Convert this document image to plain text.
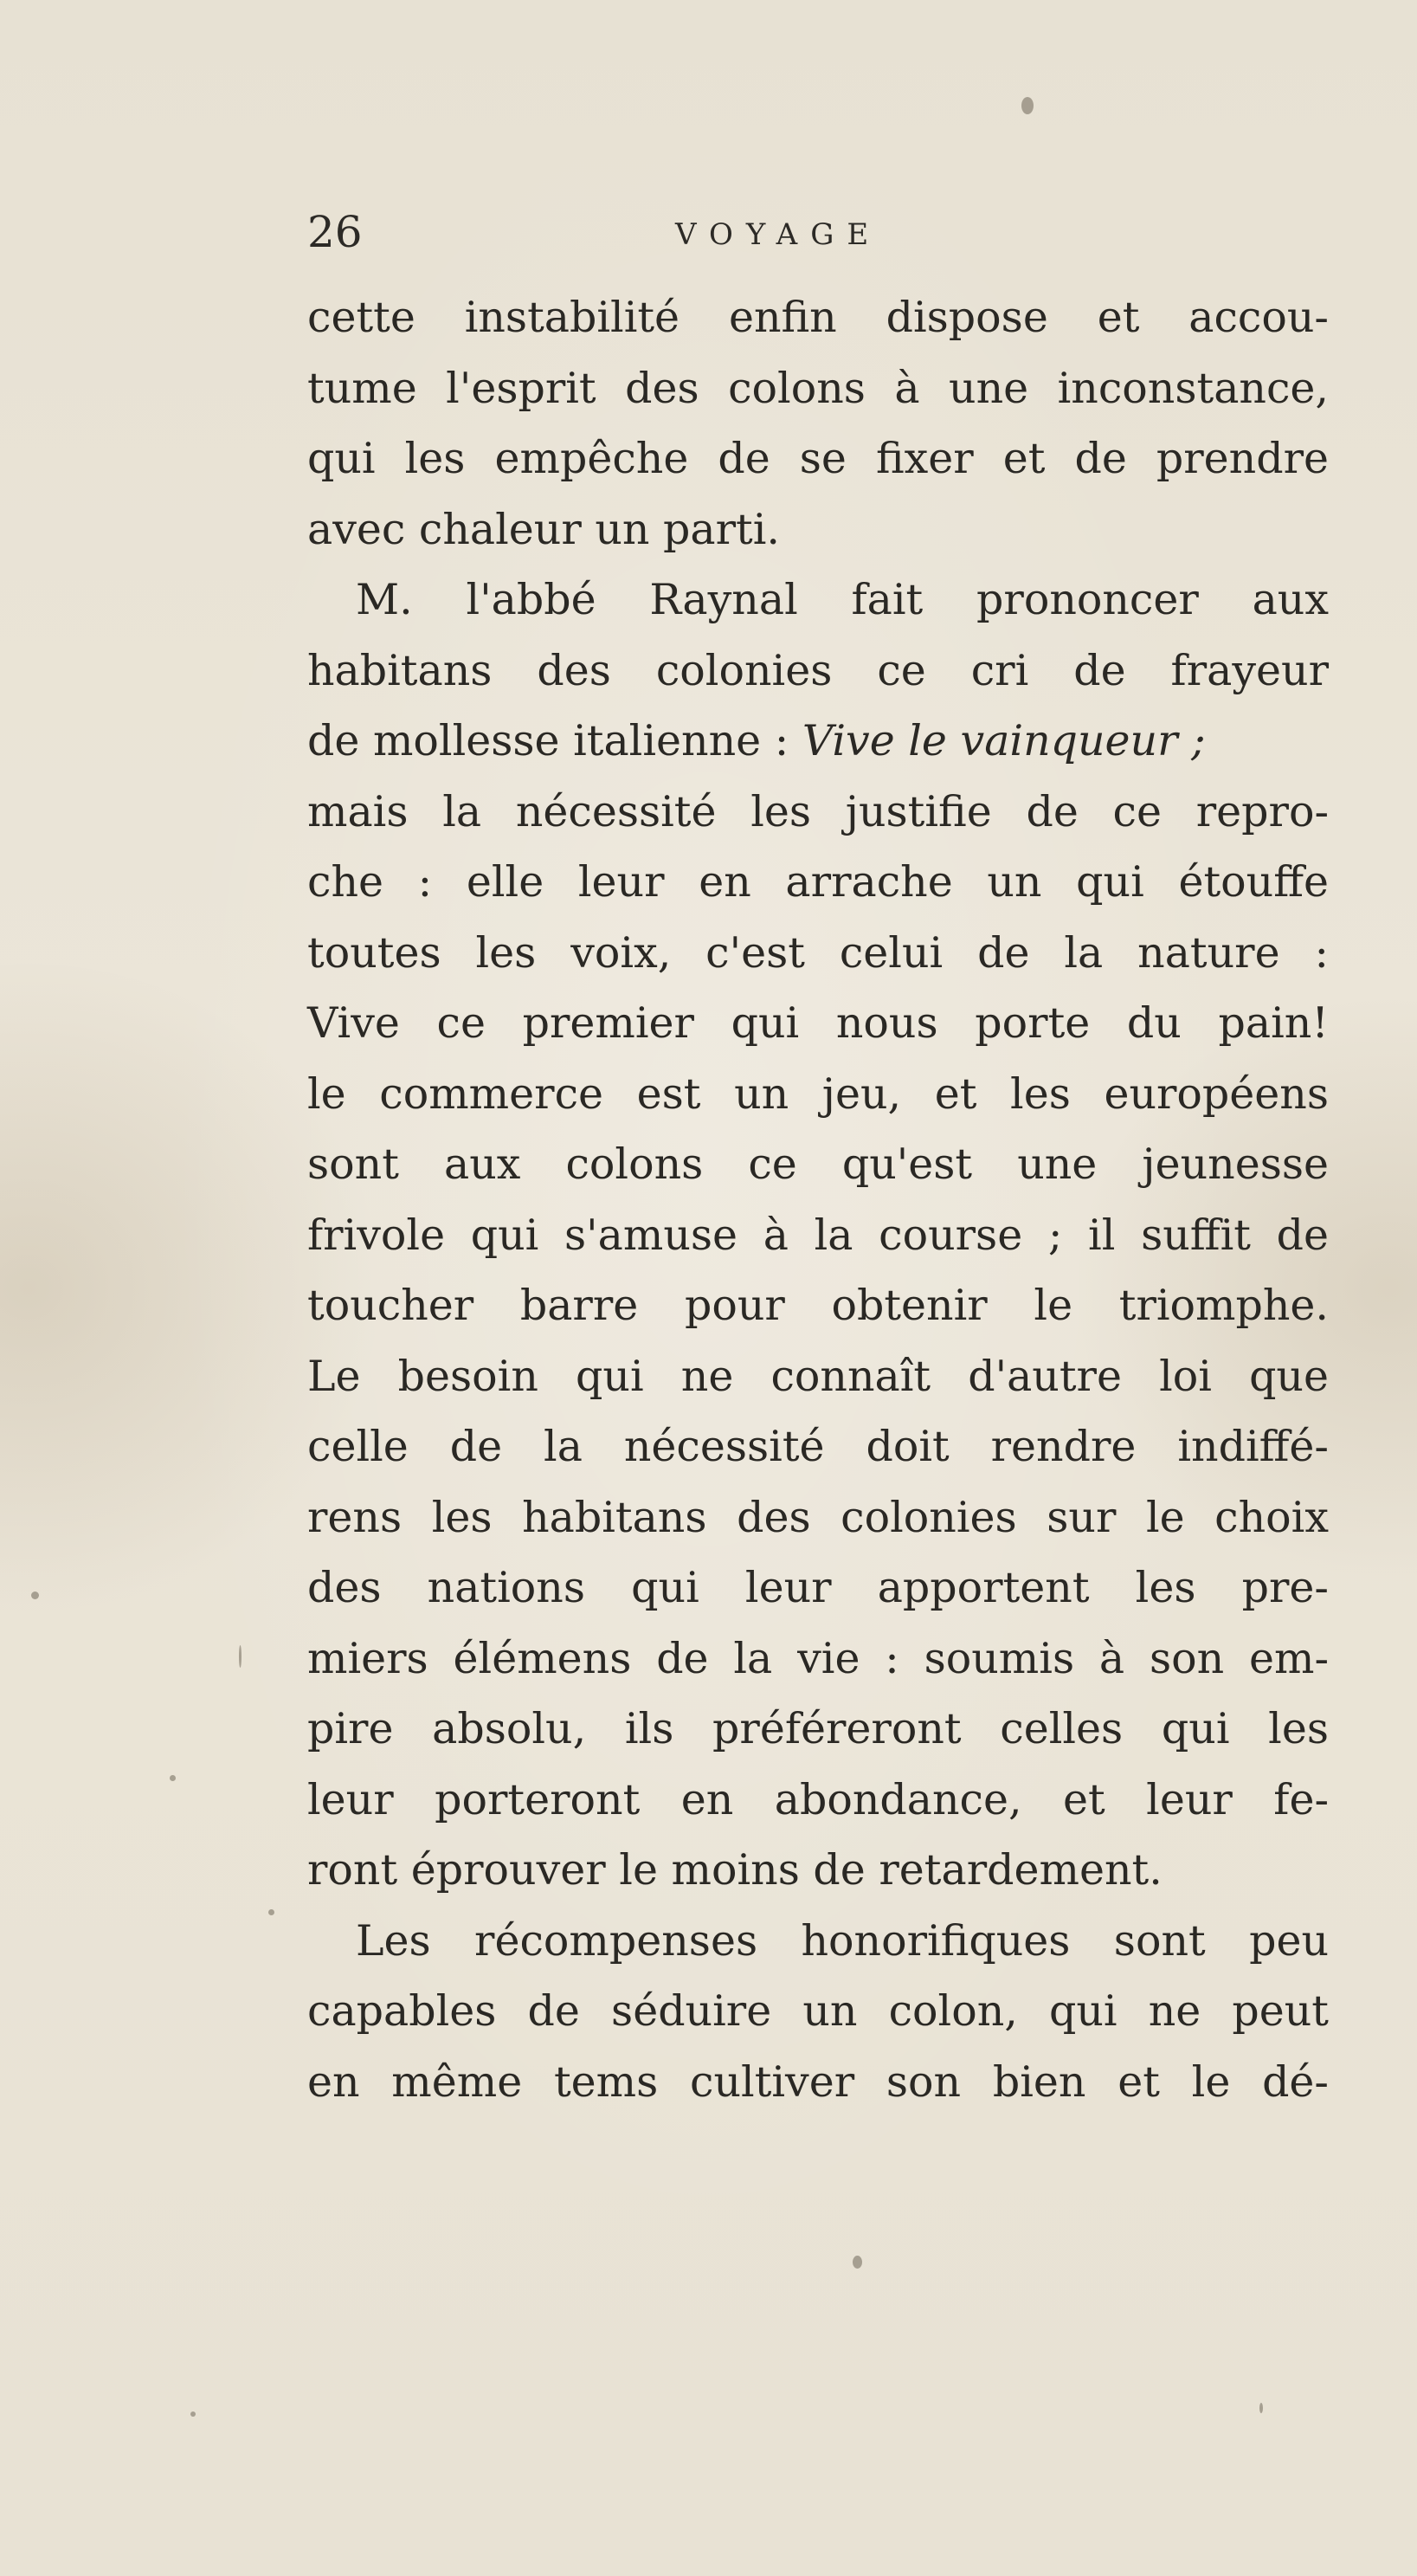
26	VOYAGE

cette instabilité enfin dispose et accou-
tume l'esprit des colons à une inconstance,
qui les empêche de se fixer et de prendre
avec chaleur un parti.

M. l'abbé Raynal fait prononcer aux
habitans des colonies ce cri de frayeur
de mollesse italienne : Vive le vainqueur ;
mais la nécessité les justifie de ce repro-
che : elle leur en arrache un qui étouffe
toutes les voix, c'est celui de la nature :
Vive ce premier qui nous porte du pain!
le commerce est un jeu, et les européens
sont aux colons ce qu'est une jeunesse
frivole qui s'amuse à la course ; il suffit de
toucher barre pour obtenir le triomphe.
Le besoin qui ne connaît d'autre loi que
celle de la nécessité doit rendre indiffé-
rens les habitans des colonies sur le choix
des nations qui leur apportent les pre-
miers élémens de la vie : soumis à son em-
pire absolu, ils préféreront celles qui les
leur porteront en abondance, et leur fe-
ront éprouver le moins de retardement.

Les récompenses honorifiques sont peu
capables de séduire un colon, qui ne peut
en même tems cultiver son bien et le dé-
